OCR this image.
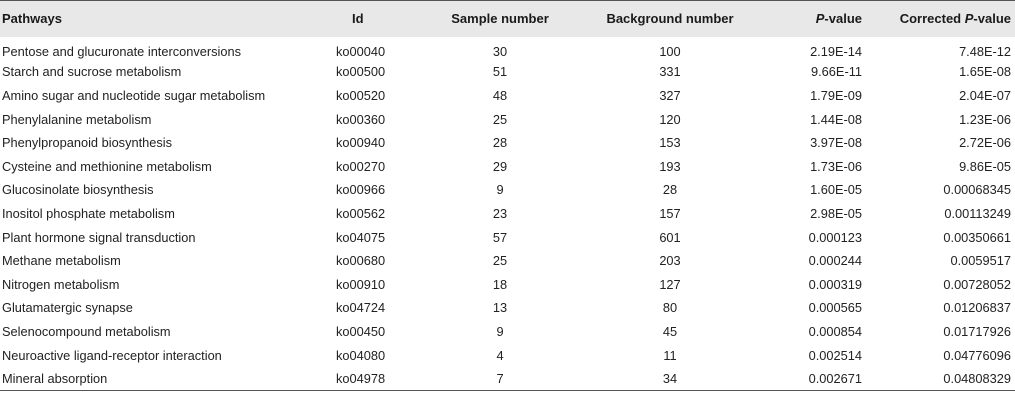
Pathways	Id	Sample number	Background number	P-value	Corrected P-value
Pentose and glucuronate interconversions	ko00040	30	100	2.19E-14	7.48E-12
Starch and sucrose metabolism	ko00500	51	331	9.66E-11	1.65E-08
Amino sugar and nucleotide sugar metabolism	ko00520	48	327	1.79E-09	2.04E-07
Phenylalanine metabolism	ko00360	25	120	1.44E-08	1.23E-06
Phenylpropanoid biosynthesis	ko00940	28	153	3.97E-08	2.72E-06
Cysteine and methionine metabolism	ko00270	29	193	1.73E-06	9.86E-05
Glucosinolate biosynthesis	ko00966	9	28	1.60E-05	0.00068345
Inositol phosphate metabolism	ko00562	23	157	2.98E-05	0.00113249
Plant hormone signal transduction	ko04075	57	601	0.000123	0.00350661
Methane metabolism	ko00680	25	203	0.000244	0.0059517
Nitrogen metabolism	ko00910	18	127	0.000319	0.00728052
Glutamatergic synapse	ko04724	13	80	0.000565	0.01206837
Selenocompound metabolism	ko00450	9	45	0.000854	0.01717926
Neuroactive ligand-receptor interaction	ko04080	4	11	0.002514	0.04776096
Mineral absorption	ko04978	7	34	0.002671	0.04808329
